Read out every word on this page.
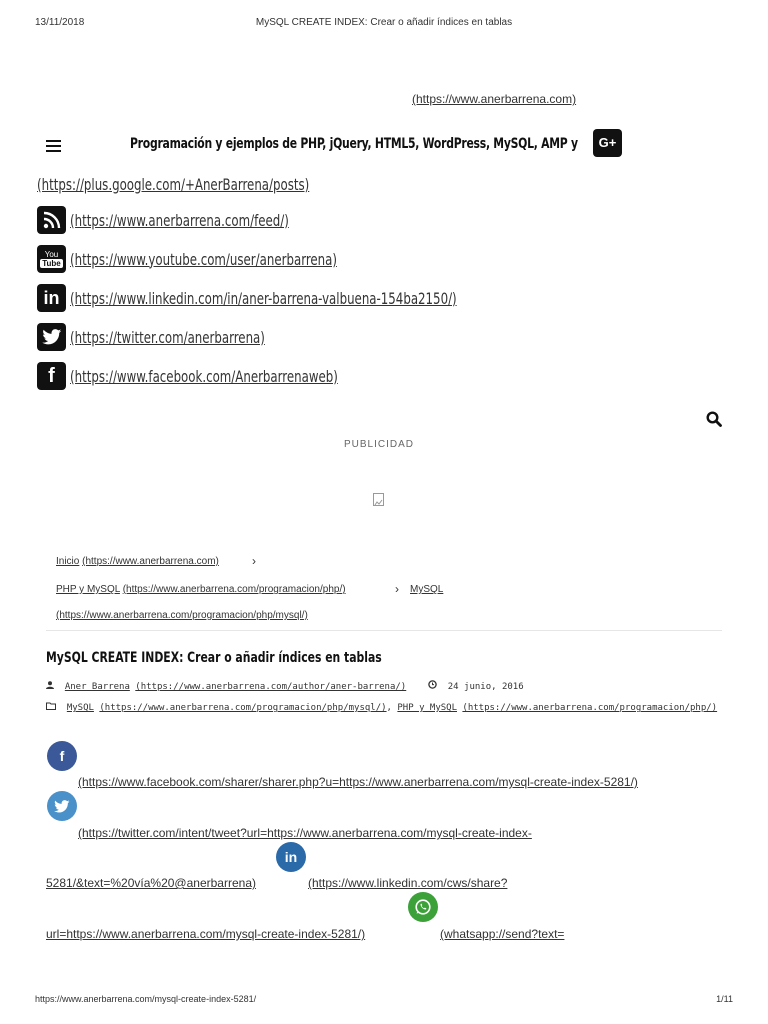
13/11/2018	MySQL CREATE INDEX: Crear o añadir índices en tablas
(https://www.anerbarrena.com)
Programación y ejemplos de PHP, jQuery, HTML5, WordPress, MySQL, AMP y	G+
(https://plus.google.com/+AnerBarrena/posts)
(https://www.anerbarrena.com/feed/)
You
Tube (https://www.youtube.com/user/anerbarrena)
in (https://www.linkedin.com/in/aner-barrena-valbuena-154ba2150/)
(https://twitter.com/anerbarrena)
f (https://www.facebook.com/Anerbarrenaweb)
PUBLICIDAD
Inicio (https://www.anerbarrena.com)	›
PHP y MySQL (https://www.anerbarrena.com/programacion/php/)	› MySQL
(https://www.anerbarrena.com/programacion/php/mysql/)
MySQL CREATE INDEX: Crear o añadir índices en tablas
Aner Barrena (https://www.anerbarrena.com/author/aner-barrena/)	24 junio, 2016
MySQL (https://www.anerbarrena.com/programacion/php/mysql/), PHP y MySQL (https://www.anerbarrena.com/programacion/php/)
f
(https://www.facebook.com/sharer/sharer.php?u=https://www.anerbarrena.com/mysql-create-index-5281/)
(https://twitter.com/intent/tweet?url=https://www.anerbarrena.com/mysql-create-index-
5281/&text=%20vía%20@anerbarrena)
in
(https://www.linkedin.com/cws/share?
url=https://www.anerbarrena.com/mysql-create-index-5281/)	(whatsapp://send?text=
https://www.anerbarrena.com/mysql-create-index-5281/	1/11
